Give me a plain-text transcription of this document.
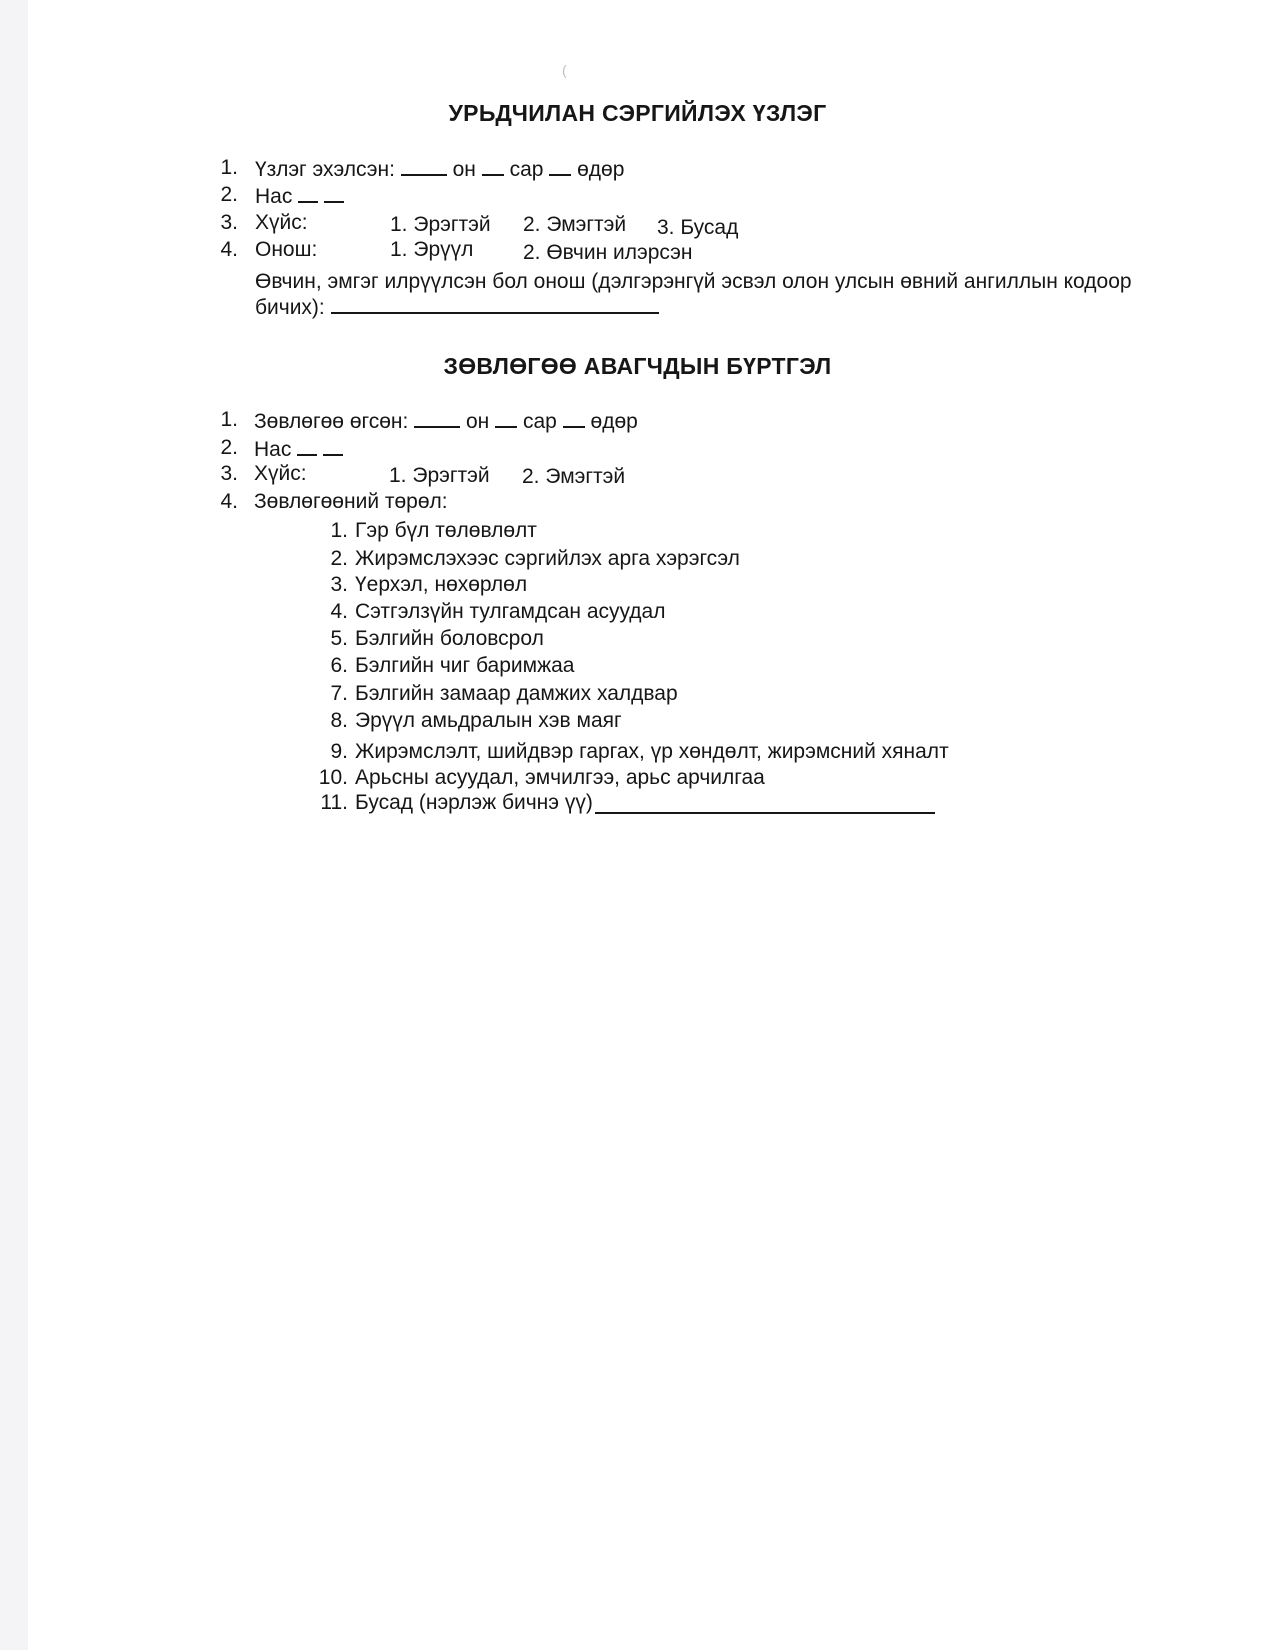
(
УРЬДЧИЛАН СЭРГИЙЛЭХ ҮЗЛЭГ
1. Үзлэг эхэлсэн:	он сар өдөр
2. Нас
3. Хүйс:	1. Эрэгтэй 2. Эмэгтэй 3. Бусад
4. Онош:	1. Эрүүл 2. Өвчин илэрсэн
Өвчин, эмгэг илрүүлсэн бол онош (дэлгэрэнгүй эсвэл олон улсын өвний ангиллын кодоор
бичих):
ЗӨВЛӨГӨӨ АВАГЧДЫН БҮРТГЭЛ
1. Зөвлөгөө өгсөн:	он сар өдөр
2. Нас
3. Хүйс:	1. Эрэгтэй 2. Эмэгтэй
4. Зөвлөгөөний төрөл:
1. Гэр бүл төлөвлөлт
2. Жирэмслэхээс сэргийлэх арга хэрэгсэл
3. Үерхэл, нөхөрлөл
4. Сэтгэлзүйн тулгамдсан асуудал
5. Бэлгийн боловсрол
6. Бэлгийн чиг баримжаа
7. Бэлгийн замаар дамжих халдвар
8. Эрүүл амьдралын хэв маяг
9. Жирэмслэлт, шийдвэр гаргах, үр хөндөлт, жирэмсний хяналт
10. Арьсны асуудал, эмчилгээ, арьс арчилгаа
11. Бусад (нэрлэж бичнэ үү)
